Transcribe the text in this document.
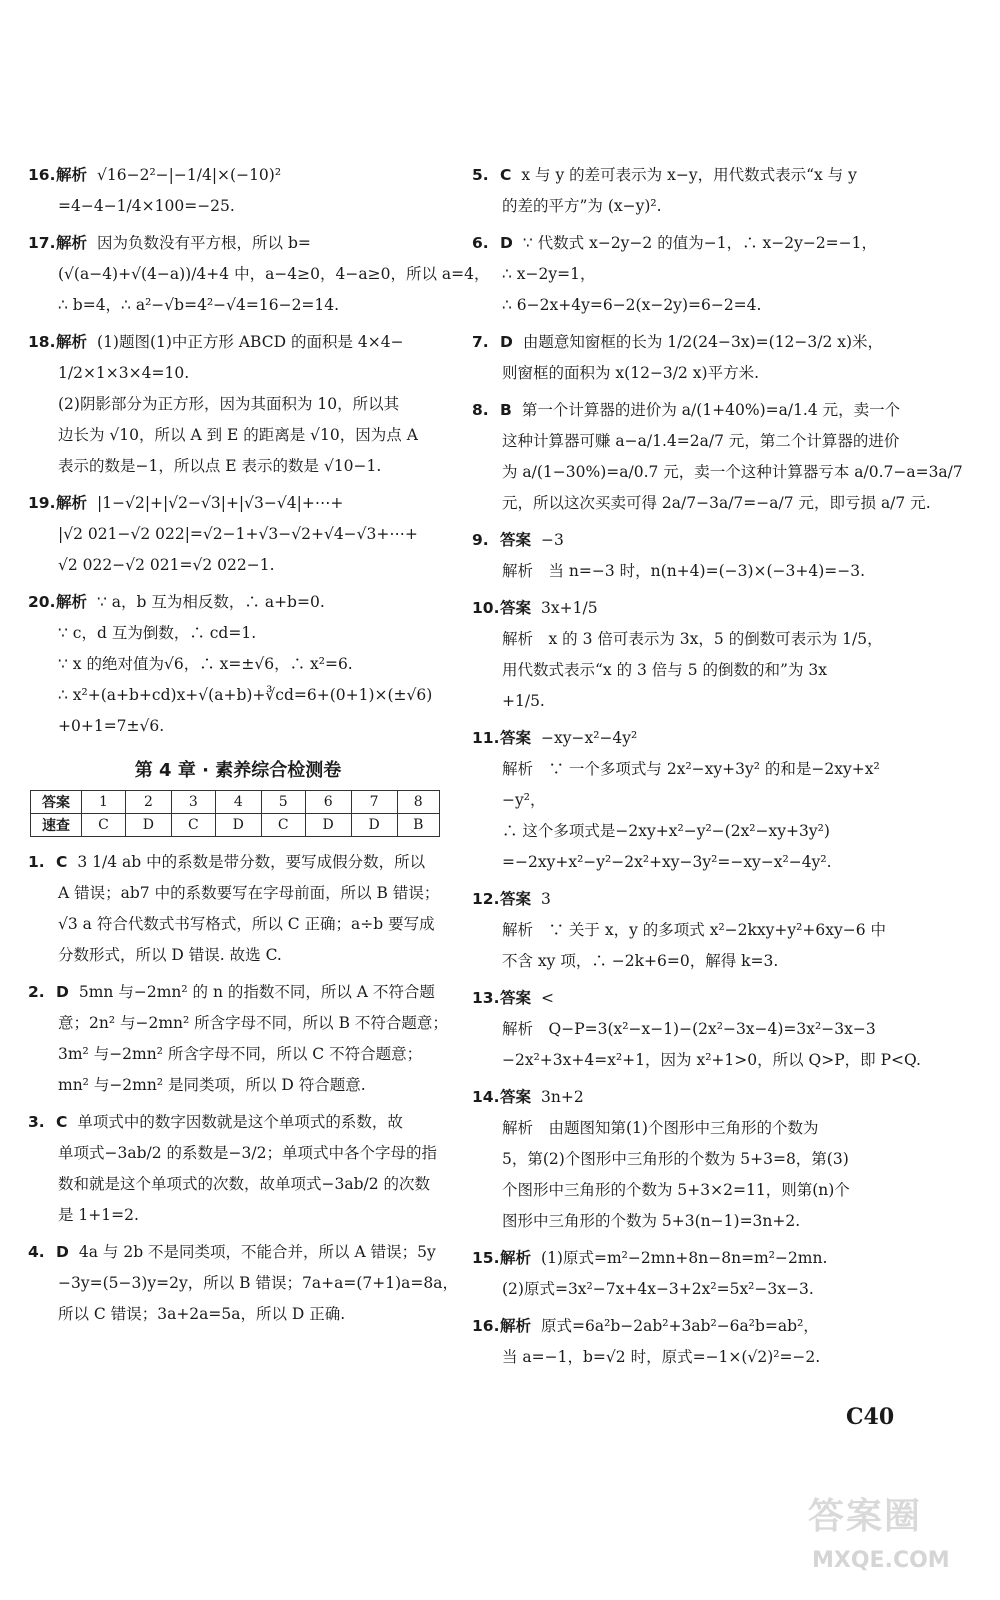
16.解析 √16−2²−|−1/4|×(−10)²
=4−4−1/4×100=−25.
17.解析 因为负数没有平方根，所以 b=
(√(a−4)+√(4−a))/4+4 中，a−4≥0，4−a≥0，所以 a=4，
∴ b=4，∴ a²−√b=4²−√4=16−2=14.
18.解析 (1)题图(1)中正方形 ABCD 的面积是 4×4−
1/2×1×3×4=10.
(2)阴影部分为正方形，因为其面积为 10，所以其
边长为 √10，所以 A 到 E 的距离是 √10，因为点 A
表示的数是−1，所以点 E 表示的数是 √10−1.
19.解析 |1−√2|+|√2−√3|+|√3−√4|+⋯+
|√2 021−√2 022|=√2−1+√3−√2+√4−√3+⋯+
√2 022−√2 021=√2 022−1.
20.解析 ∵ a，b 互为相反数，∴ a+b=0.
∵ c，d 互为倒数，∴ cd=1.
∵ x 的绝对值为√6，∴ x=±√6，∴ x²=6.
∴ x²+(a+b+cd)x+√(a+b)+∛cd=6+(0+1)×(±√6)
+0+1=7±√6.
第 4 章 · 素养综合检测卷
答案	1	2	3	4	5	6	7	8
速查	C	D	C	D	C	D	D	B
1. C 3 1/4 ab 中的系数是带分数，要写成假分数，所以
A 错误；ab7 中的系数要写在字母前面，所以 B 错误；
√3 a 符合代数式书写格式，所以 C 正确；a÷b 要写成
分数形式，所以 D 错误. 故选 C.
2. D 5mn 与−2mn² 的 n 的指数不同，所以 A 不符合题
意；2n² 与−2mn² 所含字母不同，所以 B 不符合题意；
3m² 与−2mn² 所含字母不同，所以 C 不符合题意；
mn² 与−2mn² 是同类项，所以 D 符合题意.
3. C 单项式中的数字因数就是这个单项式的系数，故
单项式−3ab/2 的系数是−3/2；单项式中各个字母的指
数和就是这个单项式的次数，故单项式−3ab/2 的次数
是 1+1=2.
4. D 4a 与 2b 不是同类项，不能合并，所以 A 错误；5y
−3y=(5−3)y=2y，所以 B 错误；7a+a=(7+1)a=8a，
所以 C 错误；3a+2a=5a，所以 D 正确.
5. C x 与 y 的差可表示为 x−y，用代数式表示“x 与 y
的差的平方”为 (x−y)².
6. D ∵ 代数式 x−2y−2 的值为−1，∴ x−2y−2=−1，
∴ x−2y=1，
∴ 6−2x+4y=6−2(x−2y)=6−2=4.
7. D 由题意知窗框的长为 1/2(24−3x)=(12−3/2 x)米，
则窗框的面积为 x(12−3/2 x)平方米.
8. B 第一个计算器的进价为 a/(1+40%)=a/1.4 元，卖一个
这种计算器可赚 a−a/1.4=2a/7 元，第二个计算器的进价
为 a/(1−30%)=a/0.7 元，卖一个这种计算器亏本 a/0.7−a=3a/7
元，所以这次买卖可得 2a/7−3a/7=−a/7 元，即亏损 a/7 元.
9. 答案 −3
解析　当 n=−3 时，n(n+4)=(−3)×(−3+4)=−3.
10.答案 3x+1/5
解析　x 的 3 倍可表示为 3x，5 的倒数可表示为 1/5，
用代数式表示“x 的 3 倍与 5 的倒数的和”为 3x
+1/5.
11.答案 −xy−x²−4y²
解析　∵ 一个多项式与 2x²−xy+3y² 的和是−2xy+x²
−y²，
∴ 这个多项式是−2xy+x²−y²−(2x²−xy+3y²)
=−2xy+x²−y²−2x²+xy−3y²=−xy−x²−4y².
12.答案 3
解析　∵ 关于 x，y 的多项式 x²−2kxy+y²+6xy−6 中
不含 xy 项，∴ −2k+6=0，解得 k=3.
13.答案 <
解析　Q−P=3(x²−x−1)−(2x²−3x−4)=3x²−3x−3
−2x²+3x+4=x²+1，因为 x²+1>0，所以 Q>P，即 P<Q.
14.答案 3n+2
解析　由题图知第(1)个图形中三角形的个数为
5，第(2)个图形中三角形的个数为 5+3=8，第(3)
个图形中三角形的个数为 5+3×2=11，则第(n)个
图形中三角形的个数为 5+3(n−1)=3n+2.
15.解析 (1)原式=m²−2mn+8n−8n=m²−2mn.
(2)原式=3x²−7x+4x−3+2x²=5x²−3x−3.
16.解析 原式=6a²b−2ab²+3ab²−6a²b=ab²，
当 a=−1，b=√2 时，原式=−1×(√2)²=−2.
C40
答案圈
MXQE.COM
